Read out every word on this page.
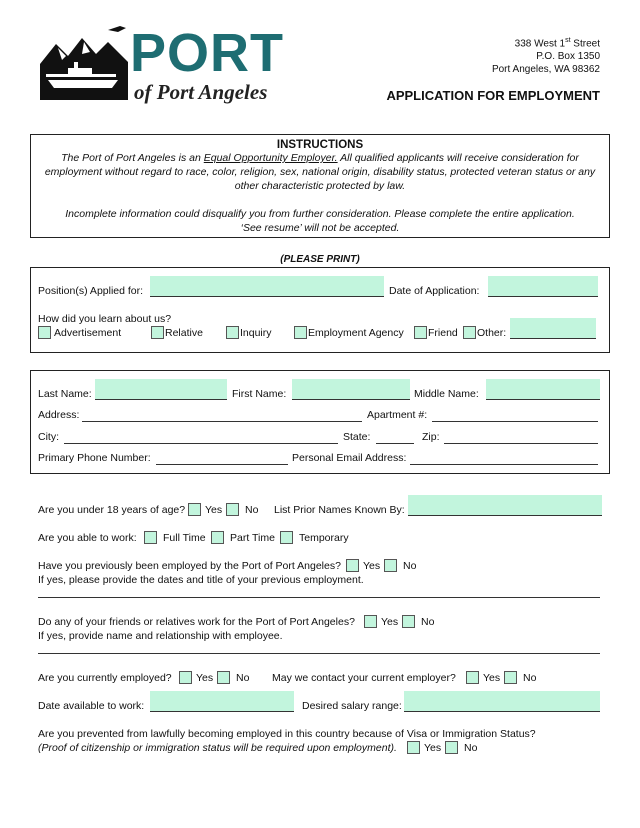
PORT
of Port Angeles
338 West 1st Street
P.O. Box 1350
Port Angeles, WA 98362
APPLICATION FOR EMPLOYMENT
INSTRUCTIONS
The Port of Port Angeles is an Equal Opportunity Employer. All qualified applicants will receive consideration for employment without regard to race, color, religion, sex, national origin, disability status, protected veteran status or any other characteristic protected by law.
Incomplete information could disqualify you from further consideration. Please complete the entire application.
‘See resume’ will not be accepted.
(PLEASE PRINT)
Position(s) Applied for:	Date of Application:
How did you learn about us?
Advertisement	Relative	Inquiry	Employment Agency Friend Other:
Last Name:	First Name:	Middle Name:
Address:	Apartment #:
City:	State:	Zip:
Primary Phone Number:	Personal Email Address:
Are you under 18 years of age? Yes No List Prior Names Known By:
Are you able to work:	Full Time Part Time Temporary
Have you previously been employed by the Port of Port Angeles? Yes No
If yes, please provide the dates and title of your previous employment.
Do any of your friends or relatives work for the Port of Port Angeles? Yes No
If yes, provide name and relationship with employee.
Are you currently employed? Yes No May we contact your current employer?	Yes No
Date available to work:	Desired salary range:
Are you prevented from lawfully becoming employed in this country because of Visa or Immigration Status?
(Proof of citizenship or immigration status will be required upon employment).	Yes No
